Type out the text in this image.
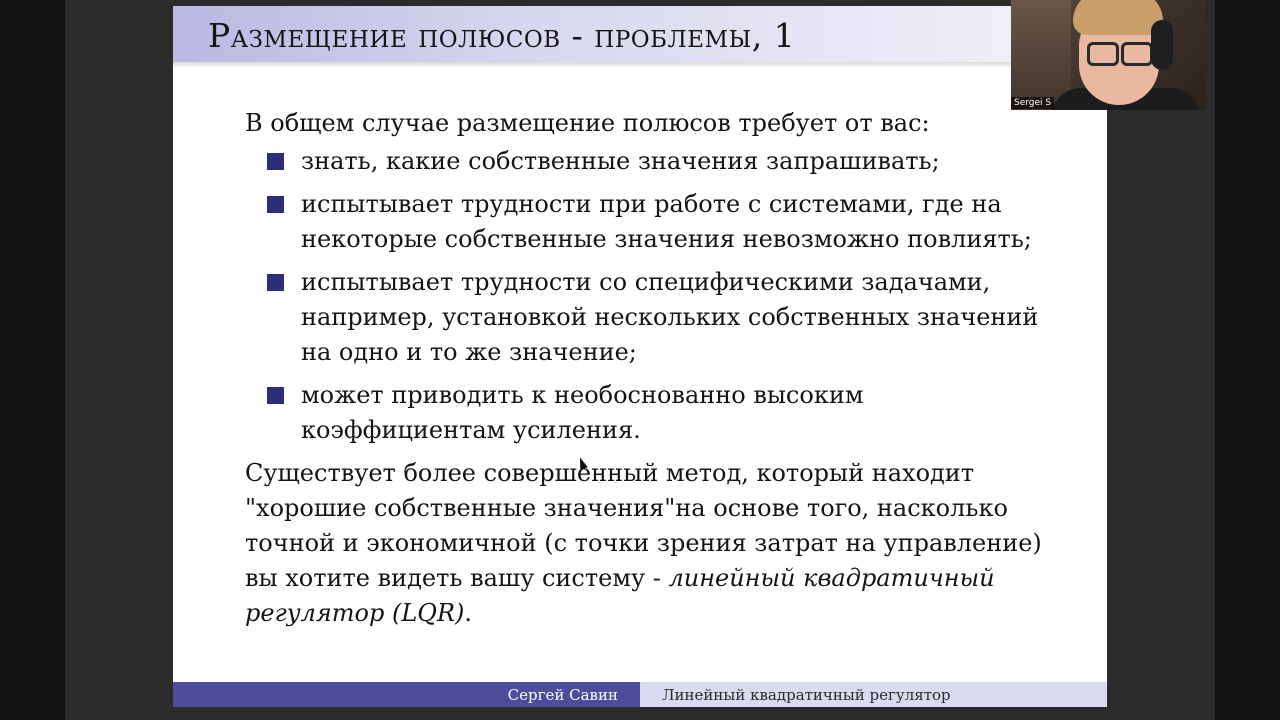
Размещение полюсов - проблемы, 1

В общем случае размещение полюсов требует от вас:

знать, какие собственные значения запрашивать;
испытывает трудности при работе с системами, где на некоторые собственные значения невозможно повлиять;
испытывает трудности со специфическими задачами, например, установкой нескольких собственных значений на одно и то же значение;
может приводить к необоснованно высоким коэффициентам усиления.

Существует более совершенный метод, который находит "хорошие собственные значения"на основе того, насколько точной и экономичной (с точки зрения затрат на управление) вы хотите видеть вашу систему - линейный квадратичный регулятор (LQR).

Сергей Савин	Линейный квадратичный регулятор
Sergei S
